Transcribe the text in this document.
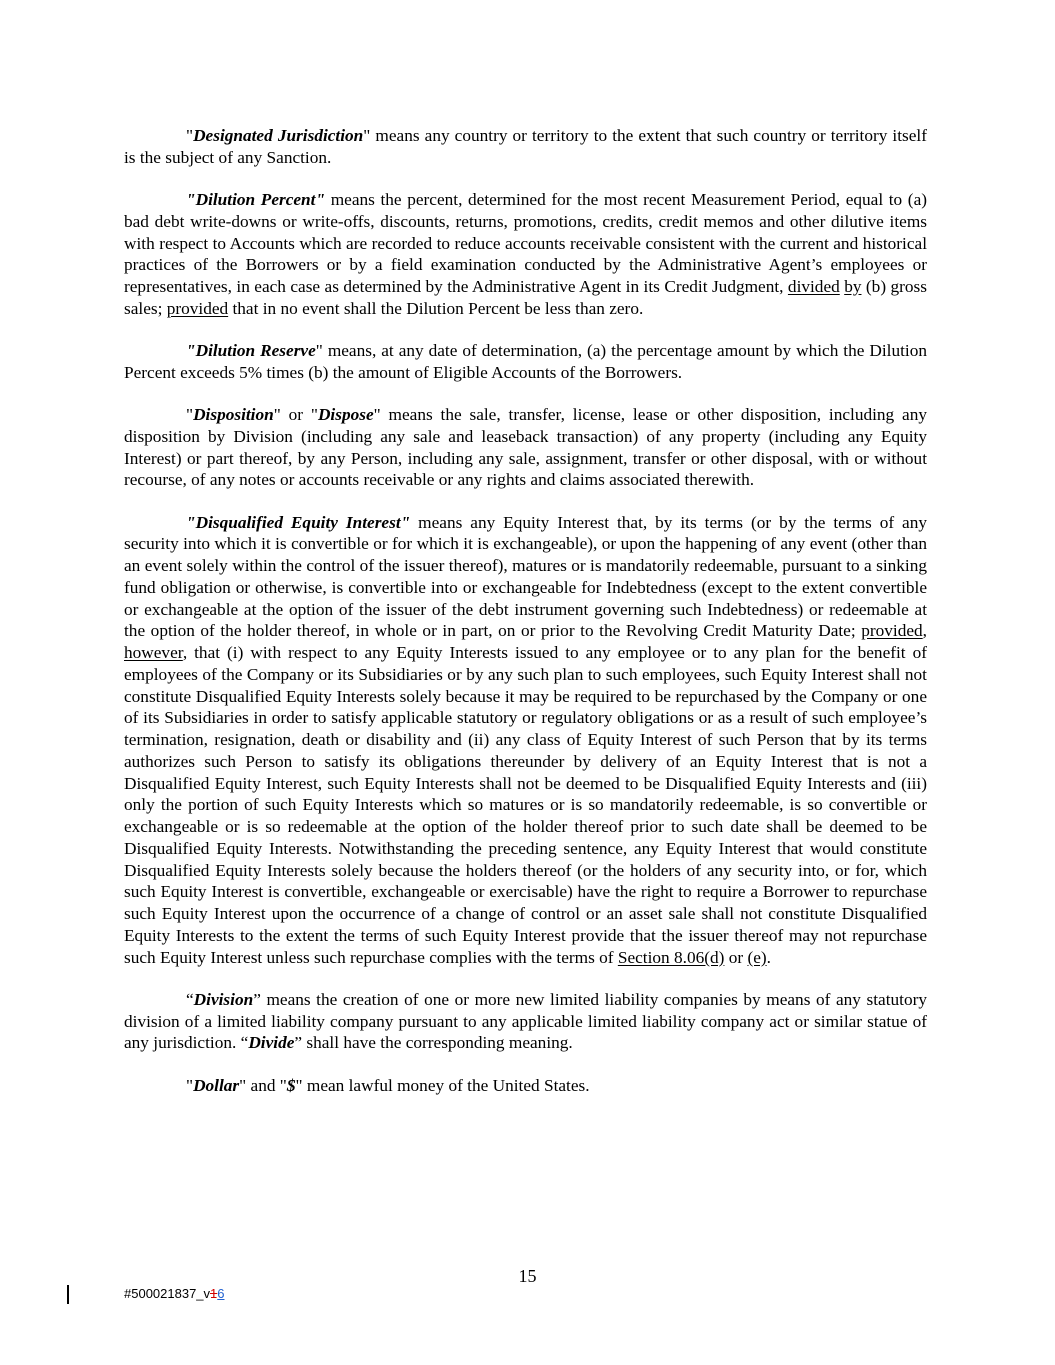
"Designated Jurisdiction" means any country or territory to the extent that such country or territory itself is the subject of any Sanction.

"Dilution Percent" means the percent, determined for the most recent Measurement Period, equal to (a) bad debt write-downs or write-offs, discounts, returns, promotions, credits, credit memos and other dilutive items with respect to Accounts which are recorded to reduce accounts receivable consistent with the current and historical practices of the Borrowers or by a field examination conducted by the Administrative Agent’s employees or representatives, in each case as determined by the Administrative Agent in its Credit Judgment, divided by (b) gross sales; provided that in no event shall the Dilution Percent be less than zero.

"Dilution Reserve" means, at any date of determination, (a) the percentage amount by which the Dilution Percent exceeds 5% times (b) the amount of Eligible Accounts of the Borrowers.

"Disposition" or "Dispose" means the sale, transfer, license, lease or other disposition, including any disposition by Division (including any sale and leaseback transaction) of any property (including any Equity Interest) or part thereof, by any Person, including any sale, assignment, transfer or other disposal, with or without recourse, of any notes or accounts receivable or any rights and claims associated therewith.

"Disqualified Equity Interest" means any Equity Interest that, by its terms (or by the terms of any security into which it is convertible or for which it is exchangeable), or upon the happening of any event (other than an event solely within the control of the issuer thereof), matures or is mandatorily redeemable, pursuant to a sinking fund obligation or otherwise, is convertible into or exchangeable for Indebtedness (except to the extent convertible or exchangeable at the option of the issuer of the debt instrument governing such Indebtedness) or redeemable at the option of the holder thereof, in whole or in part, on or prior to the Revolving Credit Maturity Date; provided, however, that (i) with respect to any Equity Interests issued to any employee or to any plan for the benefit of employees of the Company or its Subsidiaries or by any such plan to such employees, such Equity Interest shall not constitute Disqualified Equity Interests solely because it may be required to be repurchased by the Company or one of its Subsidiaries in order to satisfy applicable statutory or regulatory obligations or as a result of such employee’s termination, resignation, death or disability and (ii) any class of Equity Interest of such Person that by its terms authorizes such Person to satisfy its obligations thereunder by delivery of an Equity Interest that is not a Disqualified Equity Interest, such Equity Interests shall not be deemed to be Disqualified Equity Interests and (iii) only the portion of such Equity Interests which so matures or is so mandatorily redeemable, is so convertible or exchangeable or is so redeemable at the option of the holder thereof prior to such date shall be deemed to be Disqualified Equity Interests. Notwithstanding the preceding sentence, any Equity Interest that would constitute Disqualified Equity Interests solely because the holders thereof (or the holders of any security into, or for, which such Equity Interest is convertible, exchangeable or exercisable) have the right to require a Borrower to repurchase such Equity Interest upon the occurrence of a change of control or an asset sale shall not constitute Disqualified Equity Interests to the extent the terms of such Equity Interest provide that the issuer thereof may not repurchase such Equity Interest unless such repurchase complies with the terms of Section 8.06(d) or (e).

“Division” means the creation of one or more new limited liability companies by means of any statutory division of a limited liability company pursuant to any applicable limited liability company act or similar statue of any jurisdiction. “Divide” shall have the corresponding meaning.

"Dollar" and "$" mean lawful money of the United States.

15
#500021837_v16
